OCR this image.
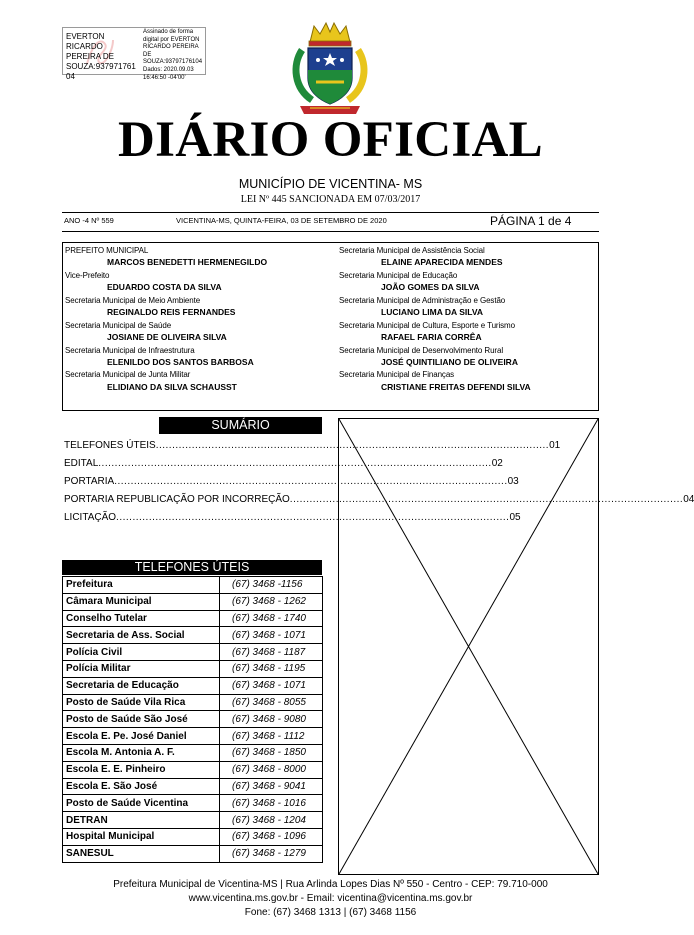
EVERTON RICARDO
PEREIRA DE
SOUZA:937971761
04
Assinado de forma
digital por EVERTON
RICARDO PEREIRA DE
SOUZA:93797176104
Dados: 2020.09.03
16:46:50 -04'00'
DIÁRIO OFICIAL
MUNICÍPIO DE VICENTINA- MS
LEI Nº 445 SANCIONADA EM 07/03/2017
ANO -4 Nº 559	VICENTINA-MS, QUINTA-FEIRA, 03 DE SETEMBRO DE 2020	PÁGINA 1 de 4
PREFEITO MUNICIPAL
MARCOS BENEDETTI HERMENEGILDO
Vice-Prefeito
EDUARDO COSTA DA SILVA
Secretaria Municipal de Meio Ambiente
REGINALDO REIS FERNANDES
Secretaria Municipal de Saúde
JOSIANE DE OLIVEIRA SILVA
Secretaria Municipal de Infraestrutura
ELENILDO DOS SANTOS BARBOSA
Secretaria Municipal de Junta Militar
ELIDIANO DA SILVA SCHAUSST
Secretaria Municipal de Assistência Social
ELAINE APARECIDA MENDES
Secretaria Municipal de Educação
JOÃO GOMES DA SILVA
Secretaria Municipal de Administração e Gestão
LUCIANO LIMA DA SILVA
Secretaria Municipal de Cultura, Esporte e Turismo
RAFAEL FARIA CORRÊA
Secretaria Municipal de Desenvolvimento Rural
JOSÉ QUINTILIANO DE OLIVEIRA
Secretaria Municipal de Finanças
CRISTIANE FREITAS DEFENDI SILVA
SUMÁRIO
TELEFONES ÚTEIS ........................................................................................................................ 01
EDITAL ........................................................................................................................ 02
PORTARIA ........................................................................................................................ 03
PORTARIA REPUBLICAÇÃO POR INCORREÇÃO ........................................................................................................................ 04
LICITAÇÃO ........................................................................................................................ 05
TELEFONES ÚTEIS
Prefeitura	(67) 3468 -1156
Câmara Municipal	(67) 3468 - 1262
Conselho Tutelar	(67) 3468 - 1740
Secretaria de Ass. Social	(67) 3468 - 1071
Polícia Civil	(67) 3468 - 1187
Polícia Militar	(67) 3468 - 1195
Secretaria de Educação	(67) 3468 - 1071
Posto de Saúde Vila Rica	(67) 3468 - 8055
Posto de Saúde São José	(67) 3468 - 9080
Escola E. Pe. José Daniel	(67) 3468 - 1112
Escola M. Antonia A. F.	(67) 3468 - 1850
Escola E. E. Pinheiro	(67) 3468 - 8000
Escola E. São José	(67) 3468 - 9041
Posto de Saúde Vicentina	(67) 3468 - 1016
DETRAN	(67) 3468 - 1204
Hospital Municipal	(67) 3468 - 1096
SANESUL	(67) 3468 - 1279
Prefeitura Municipal de Vicentina-MS | Rua Arlinda Lopes Dias Nº 550 - Centro - CEP: 79.710-000
www.vicentina.ms.gov.br - Email: vicentina@vicentina.ms.gov.br
Fone: (67) 3468 1313 | (67) 3468 1156
